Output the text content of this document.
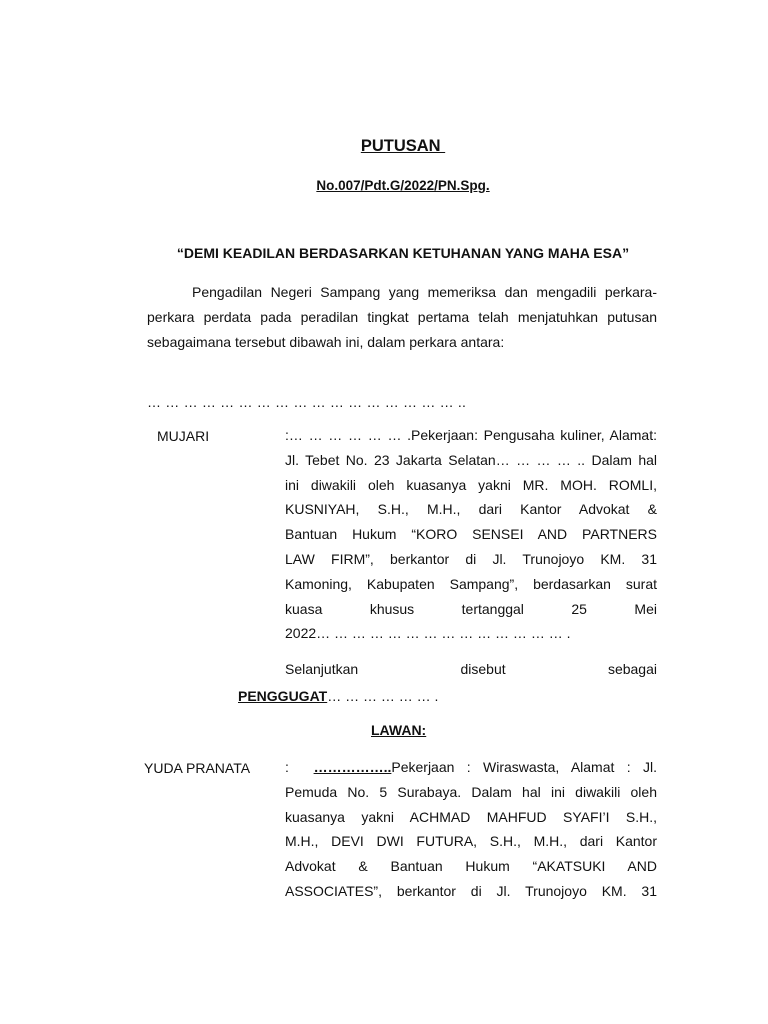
PUTUSAN
No.007/Pdt.G/2022/PN.Spg.
“DEMI KEADILAN BERDASARKAN KETUHANAN YANG MAHA ESA”
Pengadilan Negeri Sampang yang memeriksa dan mengadili perkara-perkara perdata pada peradilan tingkat pertama telah menjatuhkan putusan sebagaimana tersebut dibawah ini, dalam perkara antara:
… … … … … … … … … … … … … … … … … ..
MUJARI	:… … … … … … .Pekerjaan: Pengusaha kuliner, Alamat:
Jl. Tebet No. 23 Jakarta Selatan… … … … .. Dalam hal
ini diwakili oleh kuasanya yakni MR. MOH. ROMLI,
KUSNIYAH, S.H., M.H., dari Kantor Advokat &
Bantuan Hukum “KORO SENSEI AND PARTNERS
LAW FIRM”, berkantor di Jl. Trunojoyo KM. 31
Kamoning, Kabupaten Sampang”, berdasarkan surat
kuasa khusus tertanggal 25 Mei
2022… … … … … … … … … … … … … … .
Selanjutkan	disebut	sebagai
PENGGUGAT… … … … … … .
LAWAN:
YUDA PRANATA :  ……………..Pekerjaan : Wiraswasta, Alamat : Jl.
Pemuda No. 5 Surabaya. Dalam hal ini diwakili oleh
kuasanya yakni ACHMAD MAHFUD SYAFI’I S.H.,
M.H., DEVI DWI FUTURA, S.H., M.H., dari Kantor
Advokat & Bantuan Hukum “AKATSUKI AND
ASSOCIATES”, berkantor di Jl. Trunojoyo KM. 31
